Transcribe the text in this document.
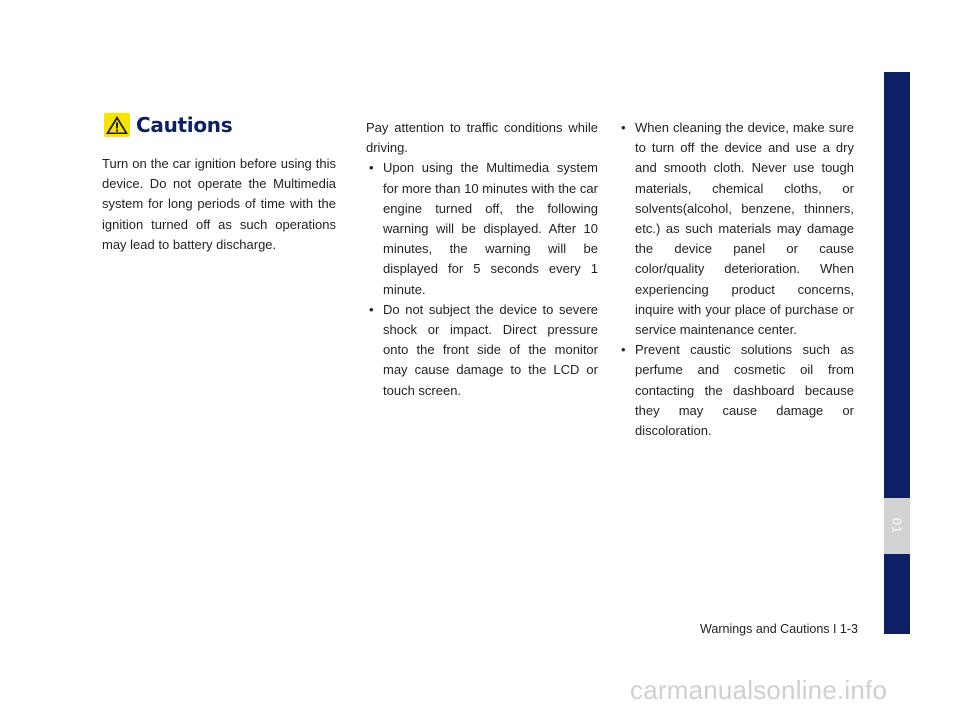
Cautions

Turn on the car ignition before using this device. Do not operate the Multimedia system for long periods of time with the ignition turned off as such operations may lead to battery discharge.

Pay attention to traffic conditions while driving.

• Upon using the Multimedia system for more than 10 minutes with the car engine turned off, the following warning will be displayed. After 10 minutes, the warning will be displayed for 5 seconds every 1 minute.
• Do not subject the device to severe shock or impact. Direct pressure onto the front side of the monitor may cause damage to the LCD or touch screen.
• When cleaning the device, make sure to turn off the device and use a dry and smooth cloth. Never use tough materials, chemical cloths, or solvents(alcohol, benzene, thinners, etc.) as such materials may damage the device panel or cause color/quality deterioration. When experiencing product concerns, inquire with your place of purchase or service maintenance center.
• Prevent caustic solutions such as perfume and cosmetic oil from contacting the dashboard because they may cause damage or discoloration.
01
Warnings and Cautions I 1-3
carmanualsonline.info
